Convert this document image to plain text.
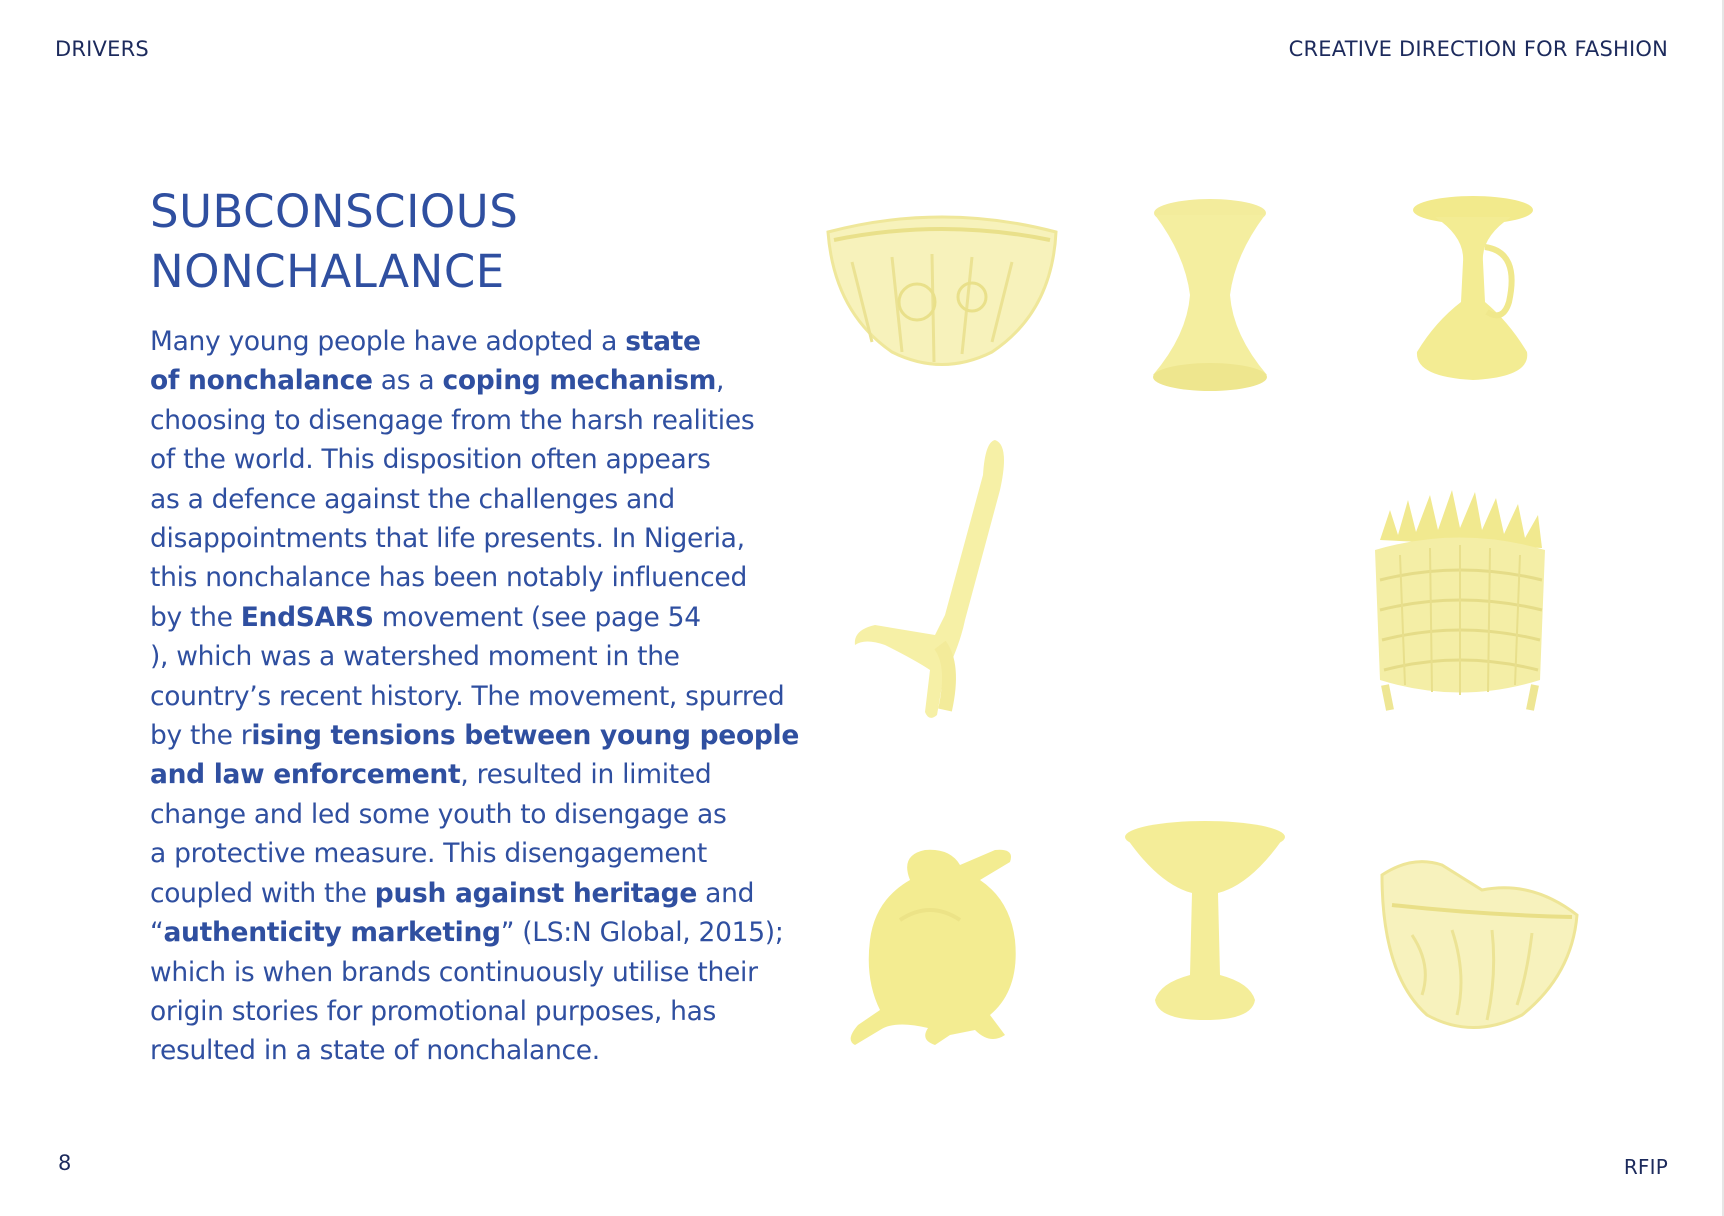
DRIVERS	CREATIVE DIRECTION FOR FASHION
SUBCONSCIOUS
NONCHALANCE
Many young people have adopted a state
of nonchalance as a coping mechanism,
choosing to disengage from the harsh realities
of the world. This disposition often appears
as a defence against the challenges and
disappointments that life presents. In Nigeria,
this nonchalance has been notably influenced
by the EndSARS movement (see page 54
), which was a watershed moment in the
country’s recent history. The movement, spurred
by the rising tensions between young people
and law enforcement, resulted in limited
change and led some youth to disengage as
a protective measure. This disengagement
coupled with the push against heritage and
“authenticity marketing” (LS:N Global, 2015);
which is when brands continuously utilise their
origin stories for promotional purposes, has
resulted in a state of nonchalance.
8	RFIP
